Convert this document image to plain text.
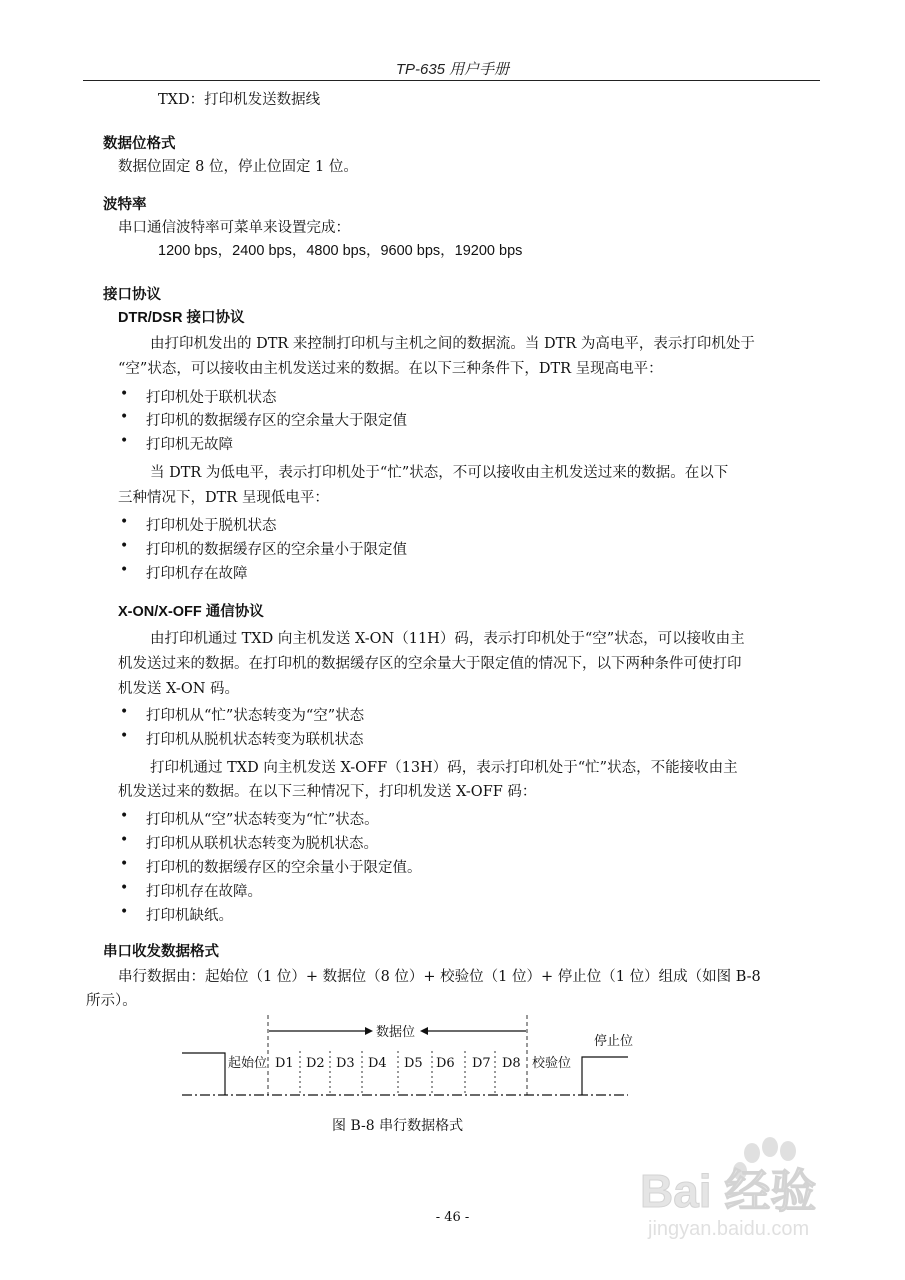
TP-635 用户手册
TXD：打印机发送数据线
数据位格式
数据位固定 8 位，停止位固定 1 位。
波特率
串口通信波特率可菜单来设置完成：
1200 bps，2400 bps，4800 bps，9600 bps，19200 bps
接口协议
DTR/DSR 接口协议
由打印机发出的 DTR 来控制打印机与主机之间的数据流。当 DTR 为高电平，表示打印机处于
“空”状态，可以接收由主机发送过来的数据。在以下三种条件下，DTR 呈现高电平：
• 打印机处于联机状态
• 打印机的数据缓存区的空余量大于限定值
• 打印机无故障
当 DTR 为低电平，表示打印机处于“忙”状态，不可以接收由主机发送过来的数据。在以下
三种情况下，DTR 呈现低电平：
• 打印机处于脱机状态
• 打印机的数据缓存区的空余量小于限定值
• 打印机存在故障
X-ON/X-OFF 通信协议
由打印机通过 TXD 向主机发送 X-ON（11H）码，表示打印机处于“空”状态，可以接收由主
机发送过来的数据。在打印机的数据缓存区的空余量大于限定值的情况下，以下两种条件可使打印
机发送 X-ON 码。
• 打印机从“忙”状态转变为“空”状态
• 打印机从脱机状态转变为联机状态
打印机通过 TXD 向主机发送 X-OFF（13H）码，表示打印机处于“忙”状态，不能接收由主
机发送过来的数据。在以下三种情况下，打印机发送 X-OFF 码：
• 打印机从“空”状态转变为“忙”状态。
• 打印机从联机状态转变为脱机状态。
• 打印机的数据缓存区的空余量小于限定值。
• 打印机存在故障。
• 打印机缺纸。
串口收发数据格式
串行数据由：起始位（1 位）+ 数据位（8 位）+ 校验位（1 位）+ 停止位（1 位）组成（如图 B-8
所示）。
数据位
停止位
起始位 D1 D2 D3 D4 D5 D6 D7 D8 校验位
图 B-8 串行数据格式
- 46 -
Bai 经验
jingyan.baidu.com
